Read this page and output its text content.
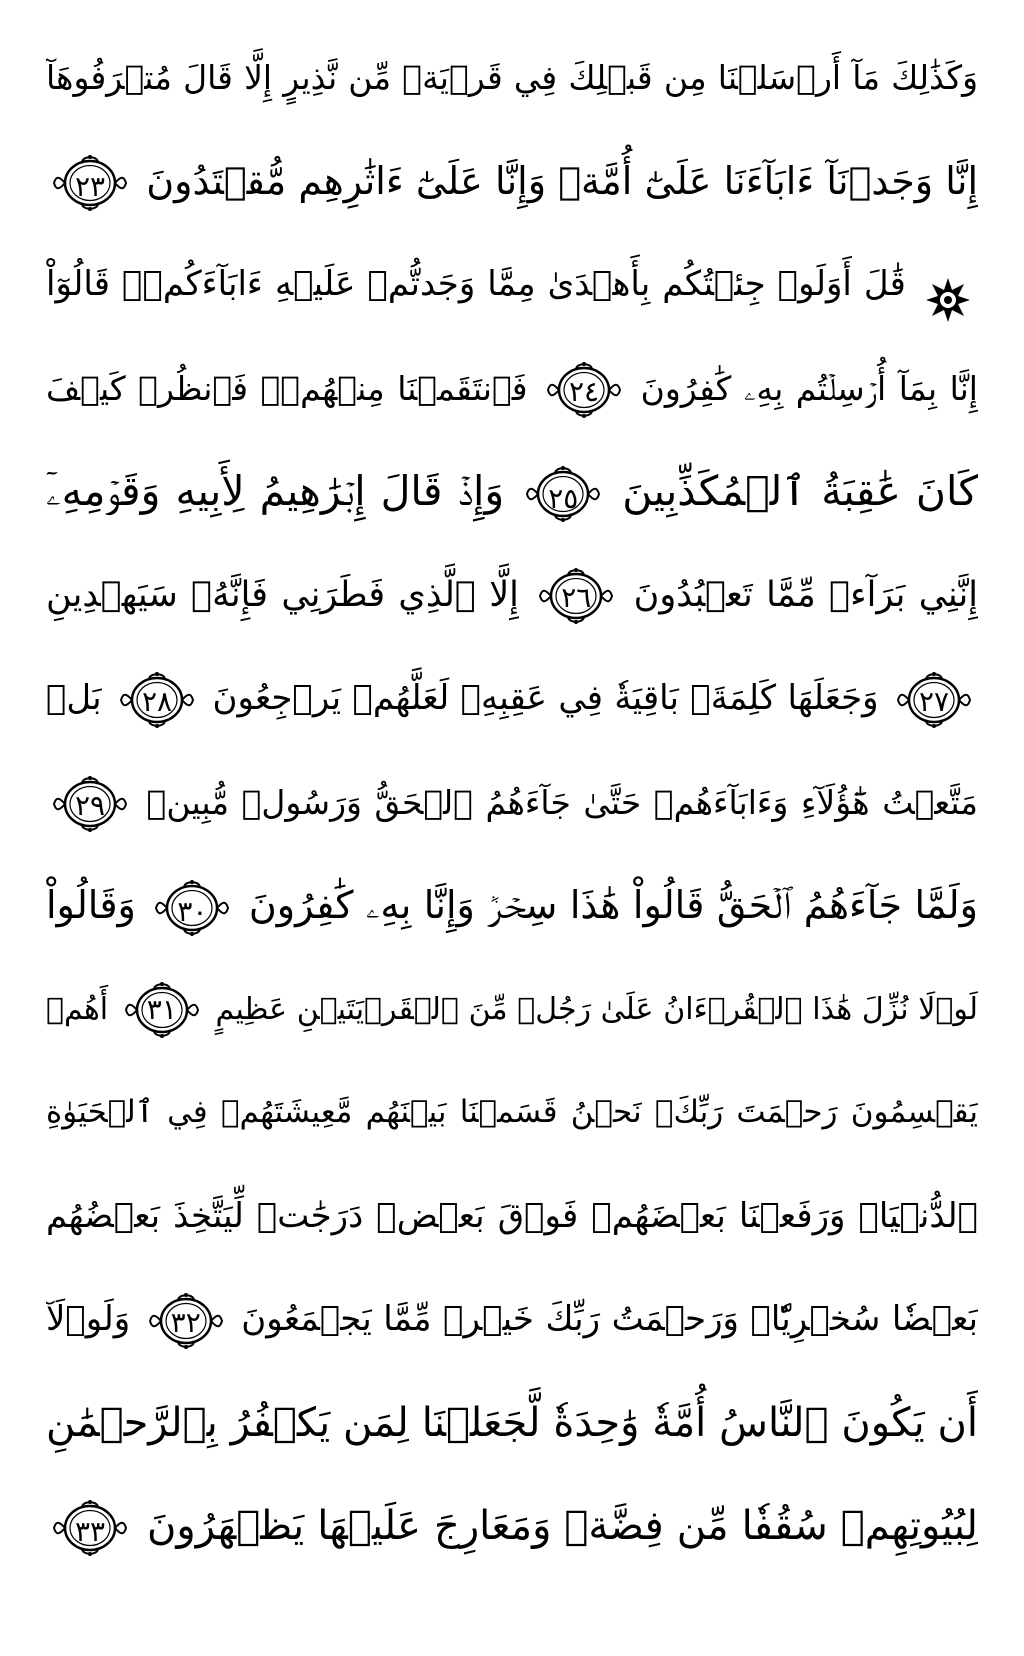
وَكَذَٰلِكَ مَآ أَرۡسَلۡنَا مِن قَبۡلِكَ فِي قَرۡيَةٖ مِّن نَّذِيرٍ إِلَّا قَالَ مُتۡرَفُوهَآ
إِنَّا وَجَدۡنَآ ءَابَآءَنَا عَلَىٰٓ أُمَّةٖ وَإِنَّا عَلَىٰٓ ءَاثَٰرِهِم مُّقۡتَدُونَ
٢٣
قَٰلَ أَوَلَوۡ جِئۡتُكُم بِأَهۡدَىٰ مِمَّا وَجَدتُّمۡ عَلَيۡهِ ءَابَآءَكُمۡۖ قَالُوٓاْ
إِنَّا بِمَآ أُرۡسِلۡتُم بِهِۦ كَٰفِرُونَ
٢٤ فَٱنتَقَمۡنَا مِنۡهُمۡۖ فَٱنظُرۡ كَيۡفَ
كَانَ عَٰقِبَةُ ٱلۡمُكَذِّبِينَ
٢٥ وَإِذۡ قَالَ إِبۡرَٰهِيمُ لِأَبِيهِ وَقَوۡمِهِۦٓ
إِنَّنِي بَرَآءٞ مِّمَّا تَعۡبُدُونَ
٢٦ إِلَّا ٱلَّذِي فَطَرَنِي فَإِنَّهُۥ سَيَهۡدِينِ
٢٧ وَجَعَلَهَا كَلِمَةَۢ بَاقِيَةٗ فِي عَقِبِهِۦ لَعَلَّهُمۡ يَرۡجِعُونَ
٢٨ بَلۡ
مَتَّعۡتُ هَٰٓؤُلَآءِ وَءَابَآءَهُمۡ حَتَّىٰ جَآءَهُمُ ٱلۡحَقُّ وَرَسُولٞ مُّبِينٞ
٢٩
وَلَمَّا جَآءَهُمُ ٱلۡحَقُّ قَالُواْ هَٰذَا سِحۡرٞ وَإِنَّا بِهِۦ كَٰفِرُونَ
٣٠ وَقَالُواْ
لَوۡلَا نُزِّلَ هَٰذَا ٱلۡقُرۡءَانُ عَلَىٰ رَجُلٖ مِّنَ ٱلۡقَرۡيَتَيۡنِ عَظِيمٍ
٣١ أَهُمۡ
يَقۡسِمُونَ رَحۡمَتَ رَبِّكَۚ نَحۡنُ قَسَمۡنَا بَيۡنَهُم مَّعِيشَتَهُمۡ فِي ٱلۡحَيَوٰةِ
ٱلدُّنۡيَاۚ وَرَفَعۡنَا بَعۡضَهُمۡ فَوۡقَ بَعۡضٖ دَرَجَٰتٖ لِّيَتَّخِذَ بَعۡضُهُم
بَعۡضٗا سُخۡرِيّٗاۗ وَرَحۡمَتُ رَبِّكَ خَيۡرٞ مِّمَّا يَجۡمَعُونَ
٣٢ وَلَوۡلَآ
أَن يَكُونَ ٱلنَّاسُ أُمَّةٗ وَٰحِدَةٗ لَّجَعَلۡنَا لِمَن يَكۡفُرُ بِٱلرَّحۡمَٰنِ
لِبُيُوتِهِمۡ سُقُفٗا مِّن فِضَّةٖ وَمَعَارِجَ عَلَيۡهَا يَظۡهَرُونَ
٣٣
